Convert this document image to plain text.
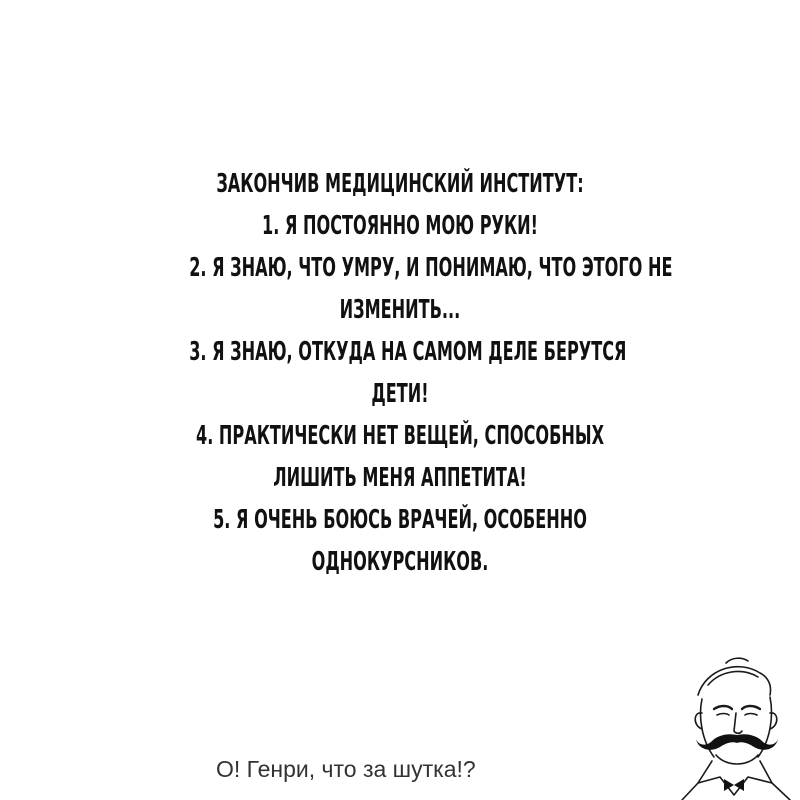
ЗАКОНЧИВ МЕДИЦИНСКИЙ ИНСТИТУТ:
1. Я ПОСТОЯННО МОЮ РУКИ!
2. Я ЗНАЮ, ЧТО УМРУ, И ПОНИМАЮ, ЧТО ЭТОГО НЕ
ИЗМЕНИТЬ...
3. Я ЗНАЮ, ОТКУДА НА САМОМ ДЕЛЕ БЕРУТСЯ
ДЕТИ!
4. ПРАКТИЧЕСКИ НЕТ ВЕЩЕЙ, СПОСОБНЫХ
ЛИШИТЬ МЕНЯ АППЕТИТА!
5. Я ОЧЕНЬ БОЮСЬ ВРАЧЕЙ, ОСОБЕННО
ОДНОКУРСНИКОВ.
О! Генри, что за шутка!?
